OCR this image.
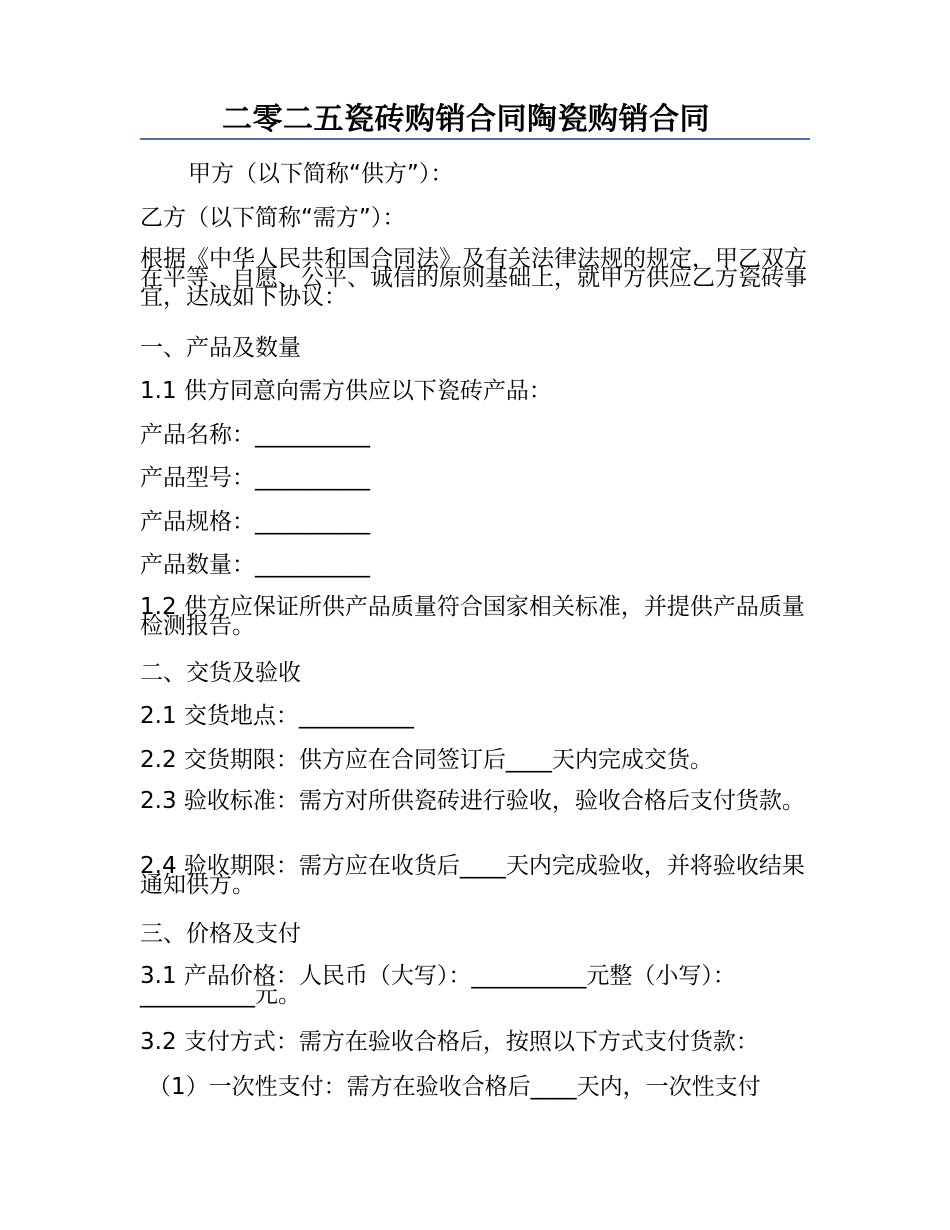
二零二五瓷砖购销合同陶瓷购销合同
甲方（以下简称“供方”）：
乙方（以下简称“需方”）：
根据《中华人民共和国合同法》及有关法律法规的规定，甲乙双方在平等、自愿、公平、诚信的原则基础上，就甲方供应乙方瓷砖事宜，达成如下协议：
一、产品及数量
1.1 供方同意向需方供应以下瓷砖产品：
产品名称：__________
产品型号：__________
产品规格：__________
产品数量：__________
1.2 供方应保证所供产品质量符合国家相关标准，并提供产品质量检测报告。
二、交货及验收
2.1 交货地点：__________
2.2 交货期限：供方应在合同签订后____天内完成交货。
2.3 验收标准：需方对所供瓷砖进行验收，验收合格后支付货款。
2.4 验收期限：需方应在收货后____天内完成验收，并将验收结果通知供方。
三、价格及支付
3.1 产品价格：人民币（大写）：__________元整（小写）：__________元。
3.2 支付方式：需方在验收合格后，按照以下方式支付货款：
（1）一次性支付：需方在验收合格后____天内，一次性支付
